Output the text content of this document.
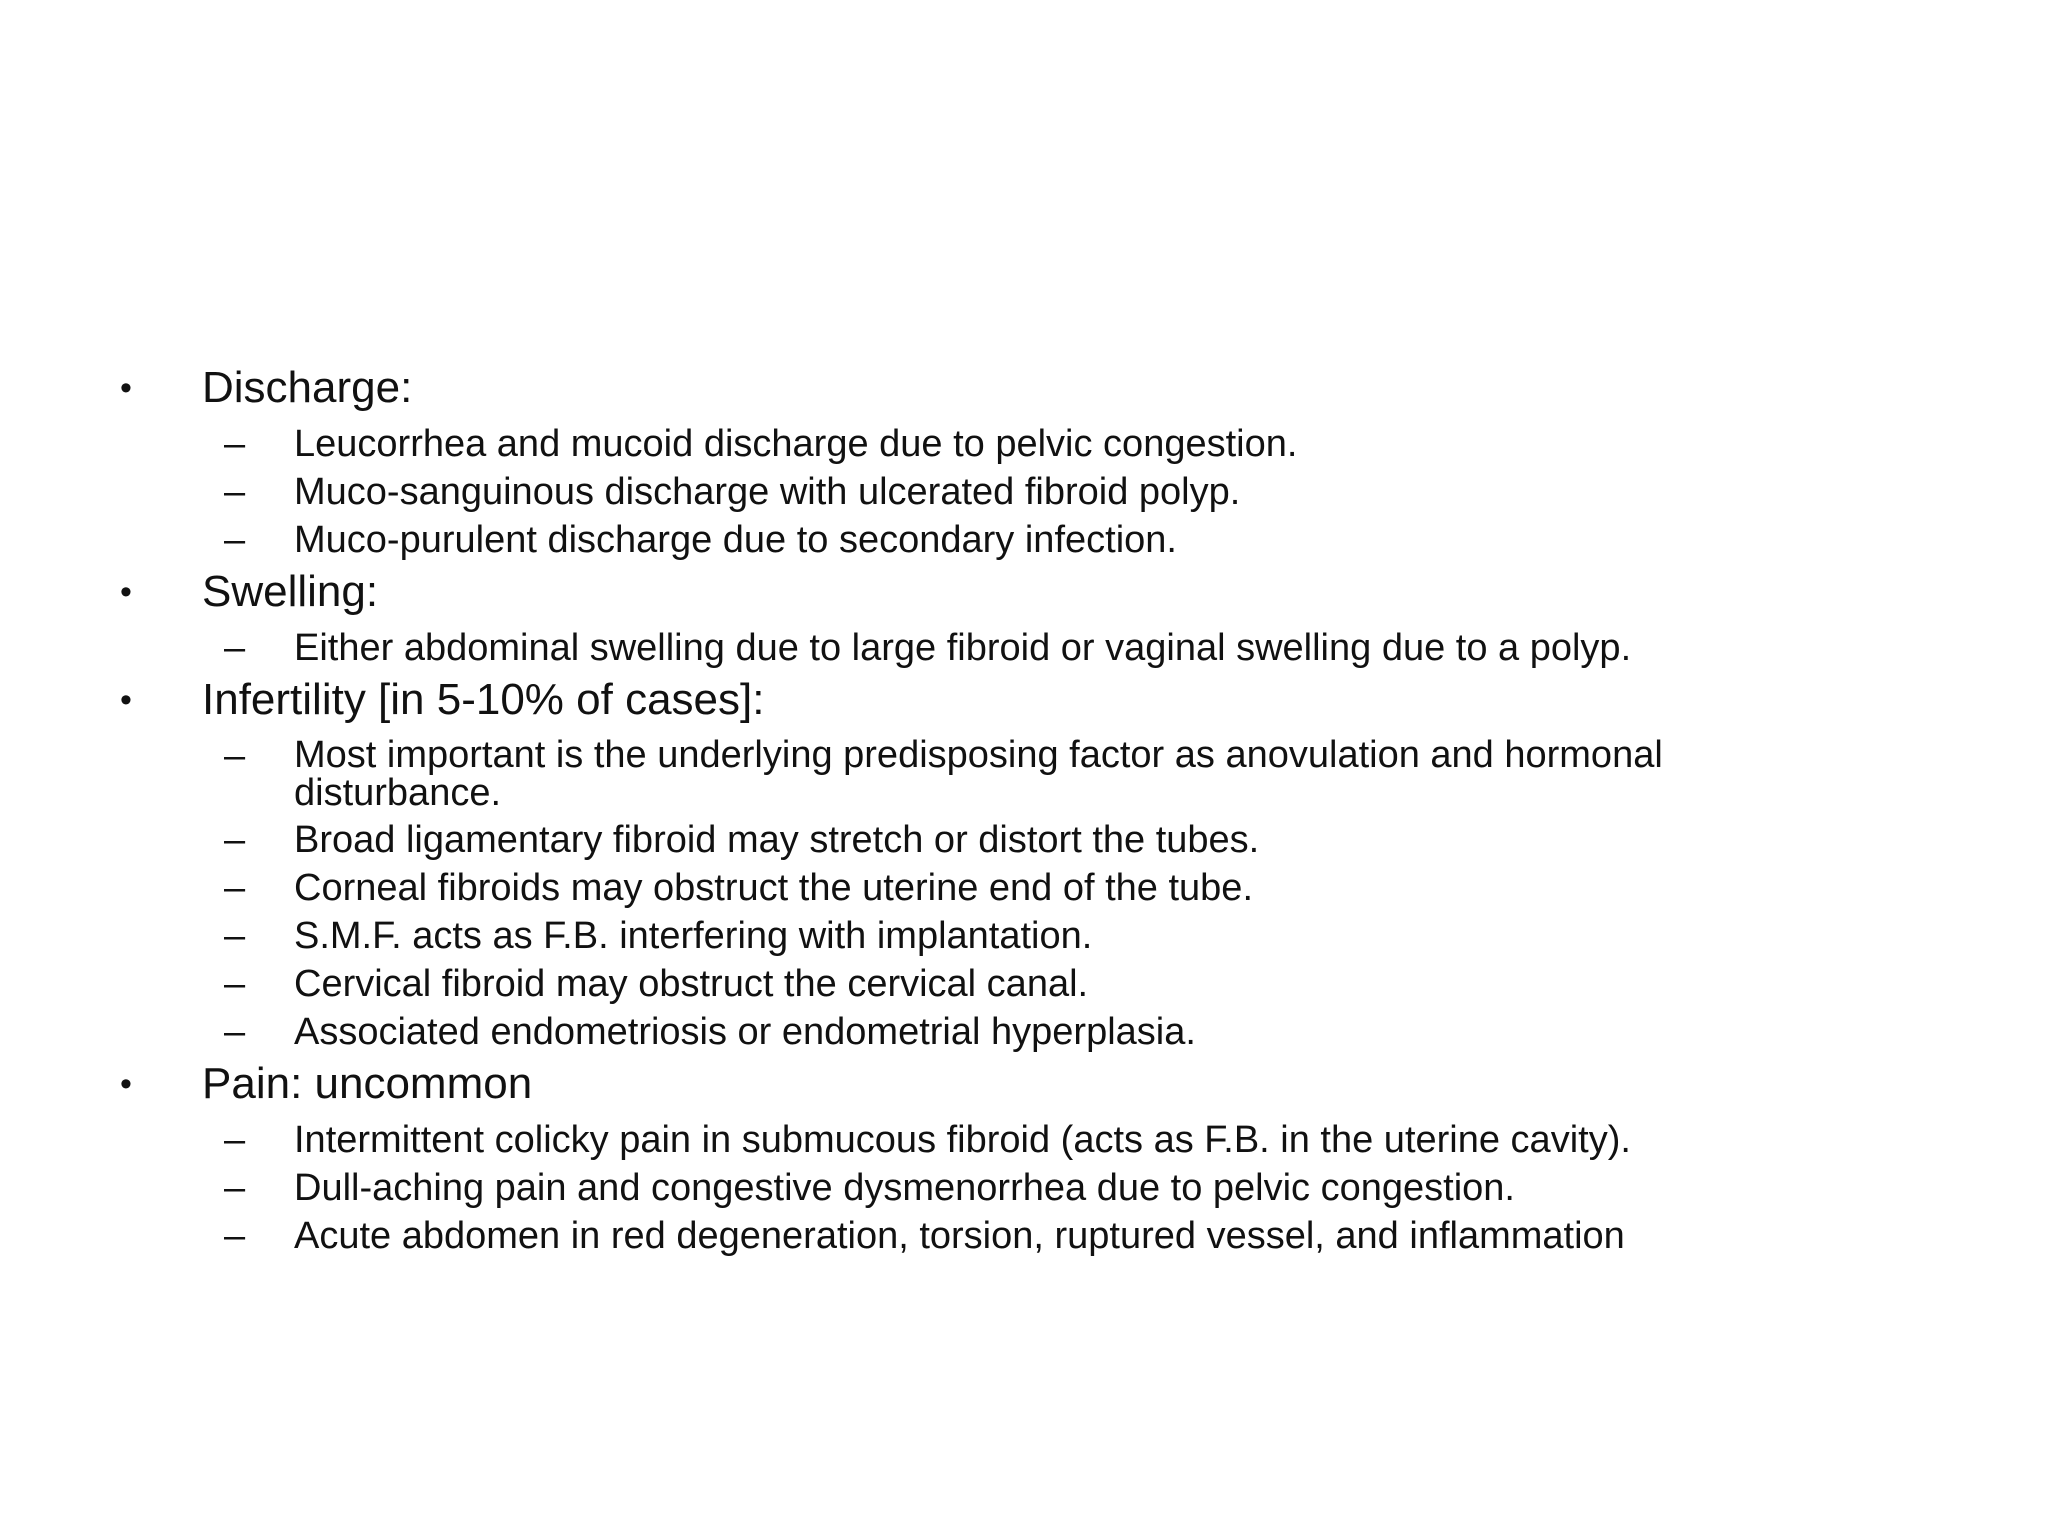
•	Discharge:
–	Leucorrhea and mucoid discharge due to pelvic congestion.
–	Muco-sanguinous discharge with ulcerated fibroid polyp.
–	Muco-purulent discharge due to secondary infection.
•	Swelling:
–	Either abdominal swelling due to large fibroid or vaginal swelling due to a polyp.
•	Infertility [in 5-10% of cases]:
–	Most important is the underlying predisposing factor as anovulation and hormonal disturbance.
–	Broad ligamentary fibroid may stretch or distort the tubes.
–	Corneal fibroids may obstruct the uterine end of the tube.
–	S.M.F. acts as F.B. interfering with implantation.
–	Cervical fibroid may obstruct the cervical canal.
–	Associated endometriosis or endometrial hyperplasia.
•	Pain: uncommon
–	Intermittent colicky pain in submucous fibroid (acts as F.B. in the uterine cavity).
–	Dull-aching pain and congestive dysmenorrhea due to pelvic congestion.
–	Acute abdomen in red degeneration, torsion, ruptured vessel, and inflammation
